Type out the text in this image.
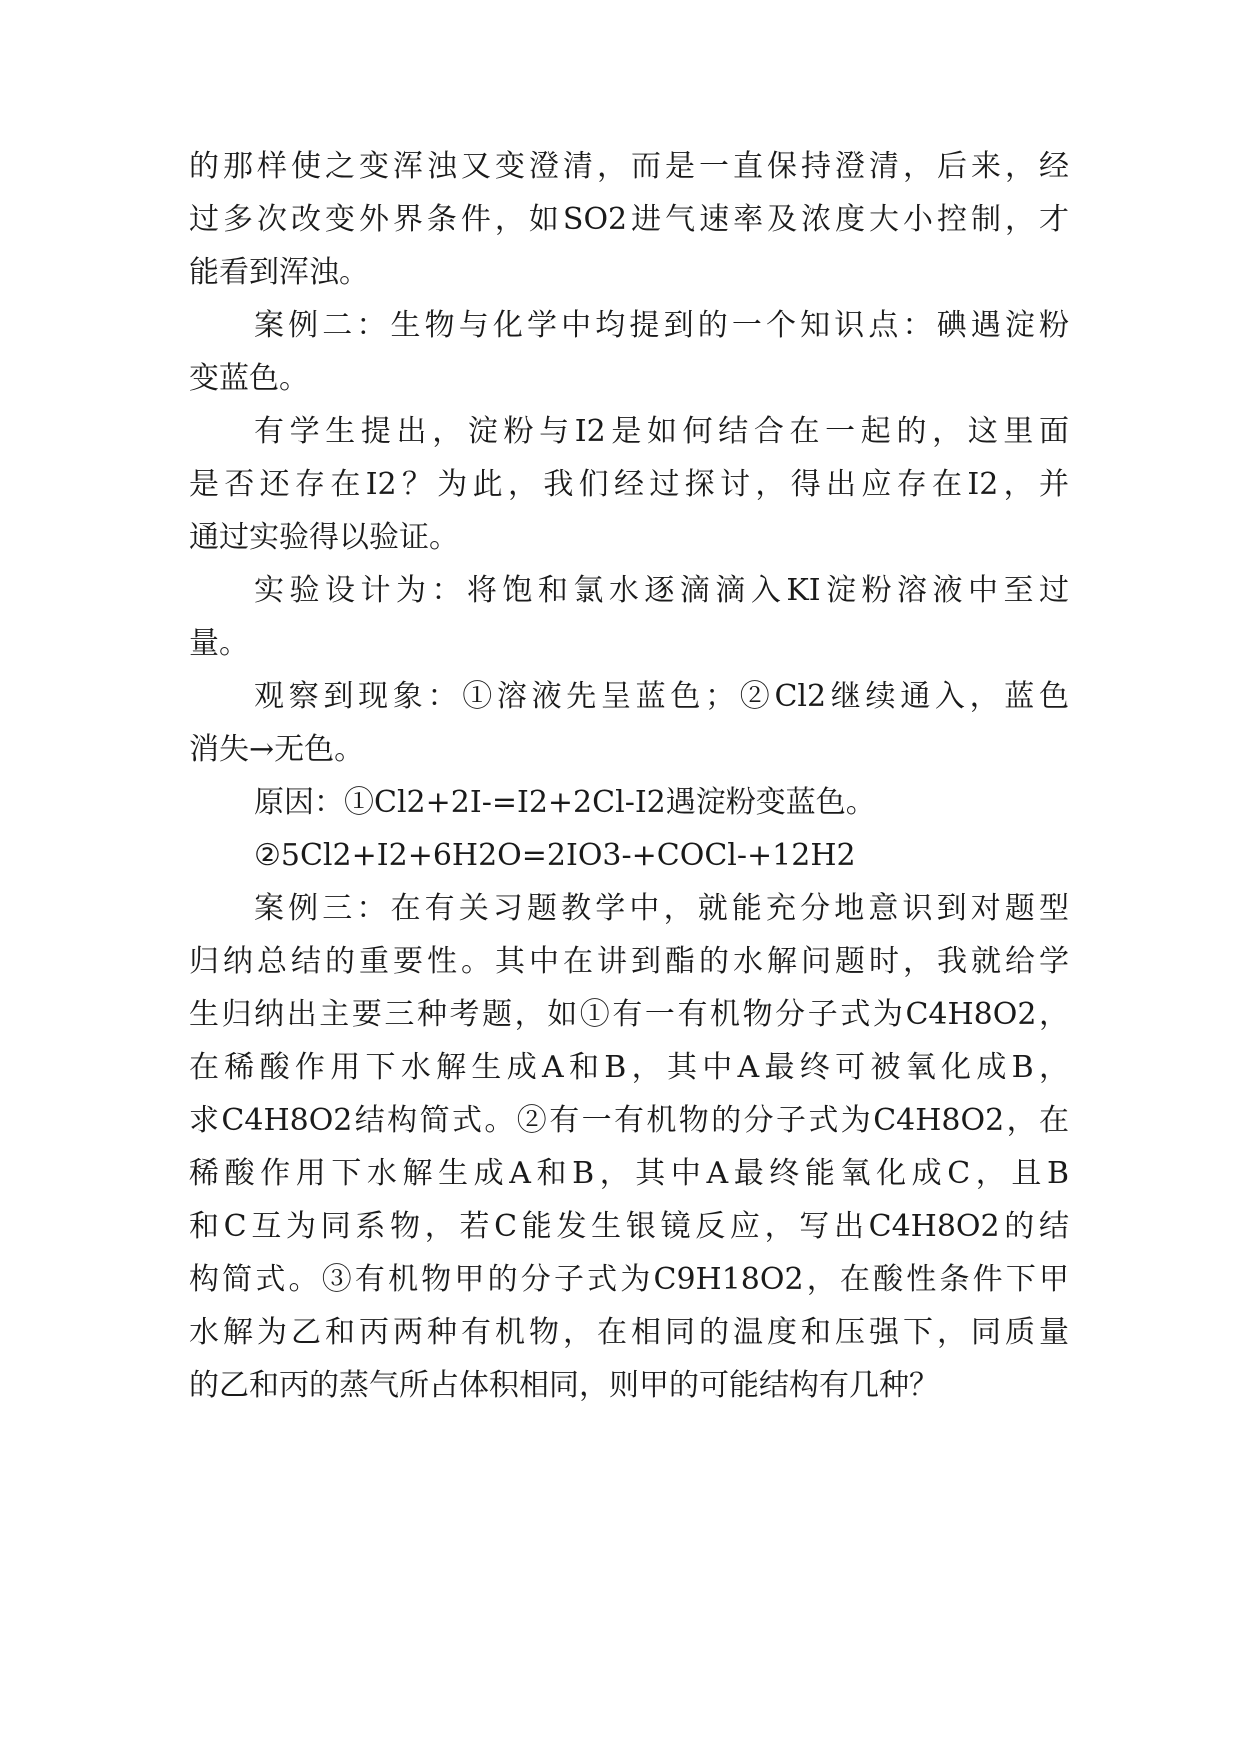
的那样使之变浑浊又变澄清，而是一直保持澄清，后来，经
过多次改变外界条件，如SO2进气速率及浓度大小控制，才
能看到浑浊。
案例二：生物与化学中均提到的一个知识点：碘遇淀粉
变蓝色。
有学生提出，淀粉与I2是如何结合在一起的，这里面
是否还存在I2？为此，我们经过探讨，得出应存在I2，并
通过实验得以验证。
实验设计为：将饱和氯水逐滴滴入KI淀粉溶液中至过
量。
观察到现象：①溶液先呈蓝色；②Cl2继续通入，蓝色
消失→无色。
原因：①Cl2+2I-=I2+2Cl-I2遇淀粉变蓝色。
②5Cl2+I2+6H2O=2IO3-+COCl-+12H2
案例三：在有关习题教学中，就能充分地意识到对题型
归纳总结的重要性。其中在讲到酯的水解问题时，我就给学
生归纳出主要三种考题，如①有一有机物分子式为C4H8O2，
在稀酸作用下水解生成A和B，其中A最终可被氧化成B，
求C4H8O2结构简式。②有一有机物的分子式为C4H8O2，在
稀酸作用下水解生成A和B，其中A最终能氧化成C，且B
和C互为同系物，若C能发生银镜反应，写出C4H8O2的结
构简式。③有机物甲的分子式为C9H18O2，在酸性条件下甲
水解为乙和丙两种有机物，在相同的温度和压强下，同质量
的乙和丙的蒸气所占体积相同，则甲的可能结构有几种？
